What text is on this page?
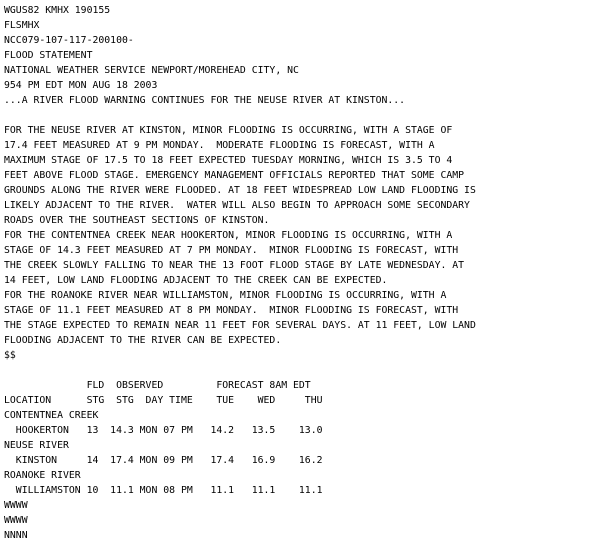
WGUS82 KMHX 190155
FLSMHX
NCC079-107-117-200100-
FLOOD STATEMENT
NATIONAL WEATHER SERVICE NEWPORT/MOREHEAD CITY, NC
954 PM EDT MON AUG 18 2003
...A RIVER FLOOD WARNING CONTINUES FOR THE NEUSE RIVER AT KINSTON...
FOR THE NEUSE RIVER AT KINSTON, MINOR FLOODING IS OCCURRING, WITH A STAGE OF
17.4 FEET MEASURED AT 9 PM MONDAY.  MODERATE FLOODING IS FORECAST, WITH A
MAXIMUM STAGE OF 17.5 TO 18 FEET EXPECTED TUESDAY MORNING, WHICH IS 3.5 TO 4
FEET ABOVE FLOOD STAGE. EMERGENCY MANAGEMENT OFFICIALS REPORTED THAT SOME CAMP
GROUNDS ALONG THE RIVER WERE FLOODED. AT 18 FEET WIDESPREAD LOW LAND FLOODING IS
LIKELY ADJACENT TO THE RIVER.  WATER WILL ALSO BEGIN TO APPROACH SOME SECONDARY
ROADS OVER THE SOUTHEAST SECTIONS OF KINSTON.
FOR THE CONTENTNEA CREEK NEAR HOOKERTON, MINOR FLOODING IS OCCURRING, WITH A
STAGE OF 14.3 FEET MEASURED AT 7 PM MONDAY.  MINOR FLOODING IS FORECAST, WITH
THE CREEK SLOWLY FALLING TO NEAR THE 13 FOOT FLOOD STAGE BY LATE WEDNESDAY. AT
14 FEET, LOW LAND FLOODING ADJACENT TO THE CREEK CAN BE EXPECTED.
FOR THE ROANOKE RIVER NEAR WILLIAMSTON, MINOR FLOODING IS OCCURRING, WITH A
STAGE OF 11.1 FEET MEASURED AT 8 PM MONDAY.  MINOR FLOODING IS FORECAST, WITH
THE STAGE EXPECTED TO REMAIN NEAR 11 FEET FOR SEVERAL DAYS. AT 11 FEET, LOW LAND
FLOODING ADJACENT TO THE RIVER CAN BE EXPECTED.
$$
FLD  OBSERVED         FORECAST 8AM EDT
LOCATION      STG  STG  DAY TIME    TUE    WED     THU
CONTENTNEA CREEK
HOOKERTON   13  14.3 MON 07 PM   14.2   13.5    13.0
NEUSE RIVER
KINSTON     14  17.4 MON 09 PM   17.4   16.9    16.2
ROANOKE RIVER
WILLIAMSTON 10  11.1 MON 08 PM   11.1   11.1    11.1
WWWW
WWWW
NNNN
